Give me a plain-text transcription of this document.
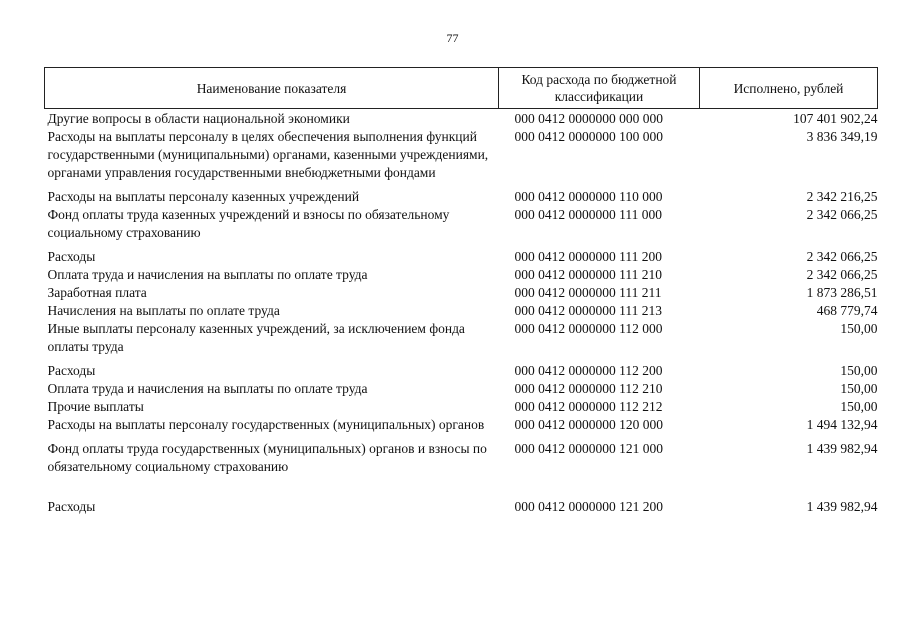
77
Наименование показателя	Код расхода по бюджетной классификации	Исполнено, рублей
Другие вопросы в области национальной экономики	000 0412 0000000 000 000	107 401 902,24
Расходы на выплаты персоналу в целях обеспечения выполнения функций государственными (муниципальными) органами, казенными учреждениями, органами управления государственными внебюджетными фондами	000 0412 0000000 100 000	3 836 349,19
Расходы на выплаты персоналу казенных учреждений	000 0412 0000000 110 000	2 342 216,25
Фонд оплаты труда казенных учреждений и взносы по обязательному социальному страхованию	000 0412 0000000 111 000	2 342 066,25
Расходы	000 0412 0000000 111 200	2 342 066,25
Оплата труда и начисления на выплаты по оплате труда	000 0412 0000000 111 210	2 342 066,25
Заработная плата	000 0412 0000000 111 211	1 873 286,51
Начисления на выплаты по оплате труда	000 0412 0000000 111 213	468 779,74
Иные выплаты персоналу казенных учреждений, за исключением фонда оплаты труда	000 0412 0000000 112 000	150,00
Расходы	000 0412 0000000 112 200	150,00
Оплата труда и начисления на выплаты по оплате труда	000 0412 0000000 112 210	150,00
Прочие выплаты	000 0412 0000000 112 212	150,00
Расходы на выплаты персоналу государственных (муниципальных) органов	000 0412 0000000 120 000	1 494 132,94
Фонд оплаты труда государственных (муниципальных) органов и взносы по обязательному социальному страхованию	000 0412 0000000 121 000	1 439 982,94
Расходы	000 0412 0000000 121 200	1 439 982,94
